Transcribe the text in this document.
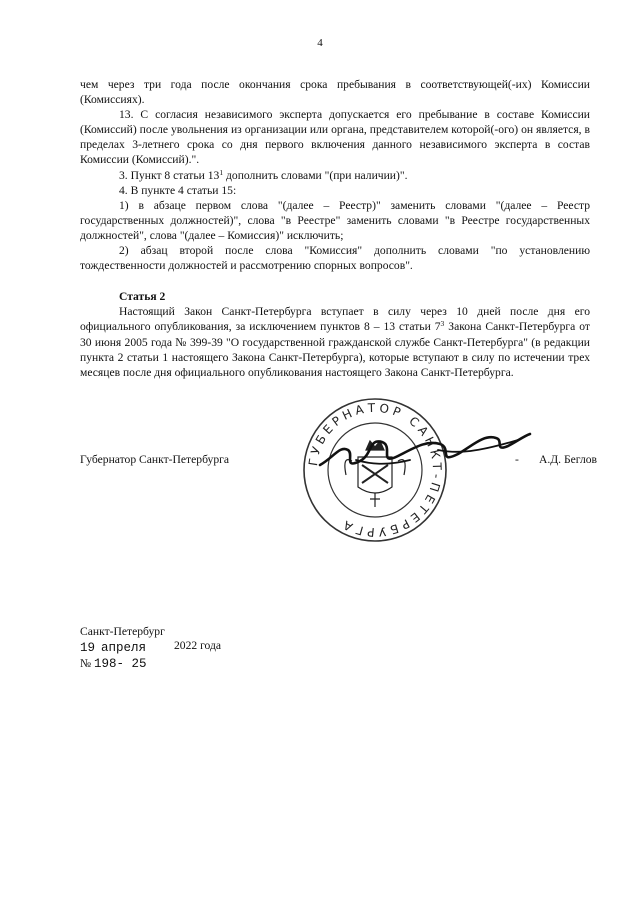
4

чем через три года после окончания срока пребывания в соответствующей(-их) Комиссии (Комиссиях).

13. С согласия независимого эксперта допускается его пребывание в составе Комиссии (Комиссий) после увольнения из организации или органа, представителем которой(-ого) он является, в пределах 3-летнего срока со дня первого включения данного независимого эксперта в состав Комиссии (Комиссий).".

3. Пункт 8 статьи $13^1$ дополнить словами "(при наличии)".

4. В пункте 4 статьи 15:

1) в абзаце первом слова "(далее – Реестр)" заменить словами "(далее – Реестр государственных должностей)", слова "в Реестре" заменить словами "в Реестре государственных должностей", слова "(далее – Комиссия)" исключить;

2) абзац второй после слова "Комиссия" дополнить словами "по установлению тождественности должностей и рассмотрению спорных вопросов".

Статья 2

Настоящий Закон Санкт-Петербурга вступает в силу через 10 дней после дня его официального опубликования, за исключением пунктов 8 – 13 статьи $7^3$ Закона Санкт-Петербурга от 30 июня 2005 года № 399-39 "О государственной гражданской службе Санкт-Петербурга" (в редакции пункта 2 статьи 1 настоящего Закона Санкт-Петербурга), которые вступают в силу по истечении трех месяцев после дня официального опубликования настоящего Закона Санкт-Петербурга.

Губернатор Санкт-Петербурга	ГУБЕРНАТОР САНКТ-ПЕТЕРБУРГА
- А.Д. Беглов
Санкт-Петербург
19 апреля 2022 года
№ 198- 25
